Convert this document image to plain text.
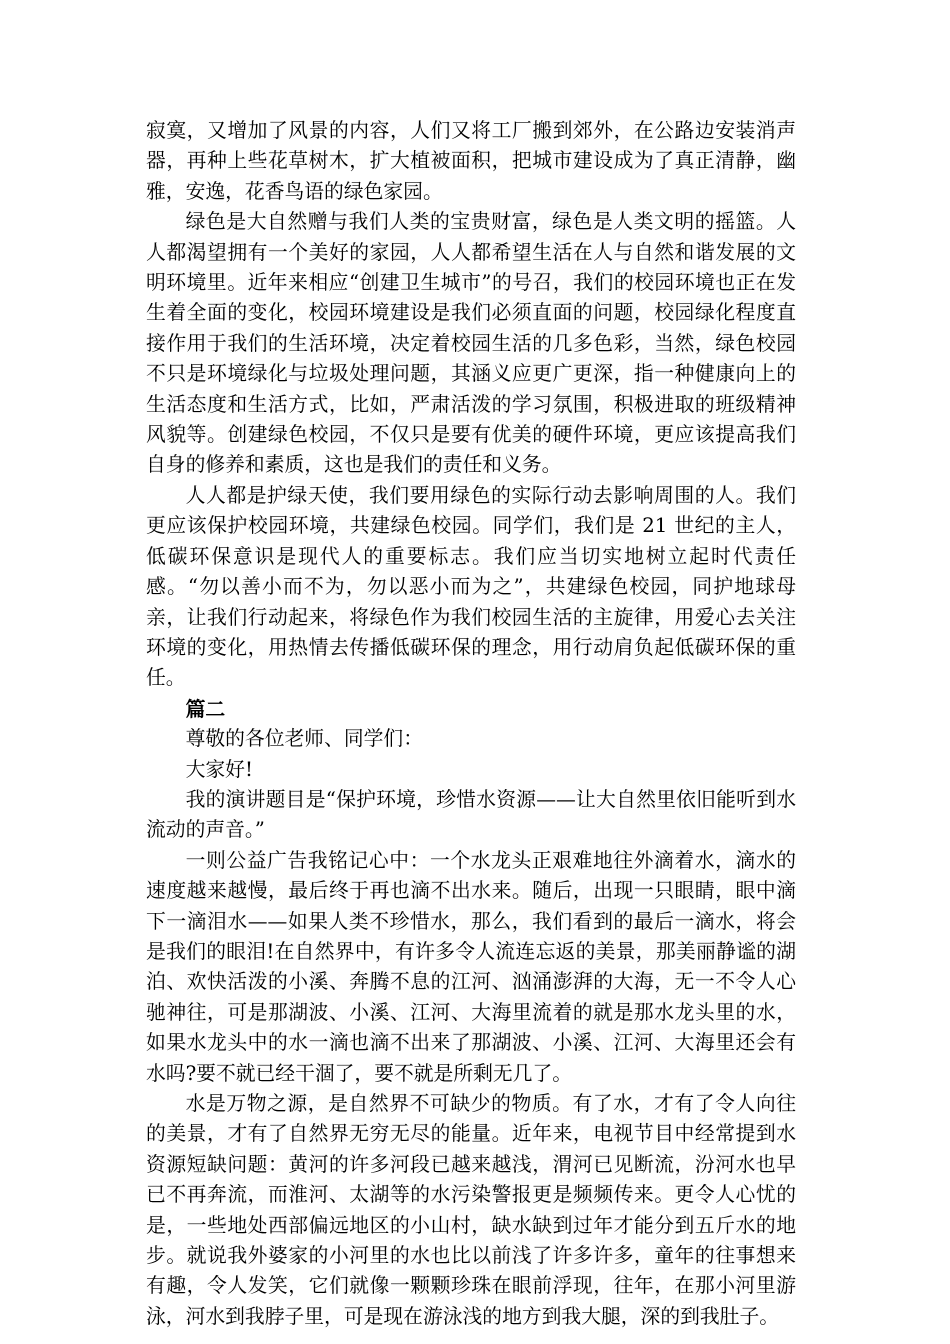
寂寞，又增加了风景的内容，人们又将工厂搬到郊外，在公路边安装消声器，再种上些花草树木，扩大植被面积，把城市建设成为了真正清静，幽雅，安逸，花香鸟语的绿色家园。

绿色是大自然赠与我们人类的宝贵财富，绿色是人类文明的摇篮。人人都渴望拥有一个美好的家园，人人都希望生活在人与自然和谐发展的文明环境里。近年来相应“创建卫生城市”的号召，我们的校园环境也正在发生着全面的变化，校园环境建设是我们必须直面的问题，校园绿化程度直接作用于我们的生活环境，决定着校园生活的几多色彩，当然，绿色校园不只是环境绿化与垃圾处理问题，其涵义应更广更深，指一种健康向上的生活态度和生活方式，比如，严肃活泼的学习氛围，积极进取的班级精神风貌等。创建绿色校园，不仅只是要有优美的硬件环境，更应该提高我们自身的修养和素质，这也是我们的责任和义务。

人人都是护绿天使，我们要用绿色的实际行动去影响周围的人。我们更应该保护校园环境，共建绿色校园。同学们，我们是 21 世纪的主人，低碳环保意识是现代人的重要标志。我们应当切实地树立起时代责任感。“勿以善小而不为，勿以恶小而为之”，共建绿色校园，同护地球母亲，让我们行动起来，将绿色作为我们校园生活的主旋律，用爱心去关注环境的变化，用热情去传播低碳环保的理念，用行动肩负起低碳环保的重任。

篇二

尊敬的各位老师、同学们：

大家好!

我的演讲题目是“保护环境，珍惜水资源——让大自然里依旧能听到水流动的声音。”

一则公益广告我铭记心中：一个水龙头正艰难地往外滴着水，滴水的速度越来越慢，最后终于再也滴不出水来。随后，出现一只眼睛，眼中滴下一滴泪水——如果人类不珍惜水，那么，我们看到的最后一滴水，将会是我们的眼泪!在自然界中，有许多令人流连忘返的美景，那美丽静谧的湖泊、欢快活泼的小溪、奔腾不息的江河、汹涌澎湃的大海，无一不令人心驰神往，可是那湖波、小溪、江河、大海里流着的就是那水龙头里的水，如果水龙头中的水一滴也滴不出来了那湖波、小溪、江河、大海里还会有水吗?要不就已经干涸了，要不就是所剩无几了。

水是万物之源，是自然界不可缺少的物质。有了水，才有了令人向往的美景，才有了自然界无穷无尽的能量。近年来，电视节目中经常提到水资源短缺问题：黄河的许多河段已越来越浅，渭河已见断流，汾河水也早已不再奔流，而淮河、太湖等的水污染警报更是频频传来。更令人心忧的是，一些地处西部偏远地区的小山村，缺水缺到过年才能分到五斤水的地步。就说我外婆家的小河里的水也比以前浅了许多许多，童年的往事想来有趣，令人发笑，它们就像一颗颗珍珠在眼前浮现，往年，在那小河里游泳，河水到我脖子里，可是现在游泳浅的地方到我大腿，深的到我肚子。
